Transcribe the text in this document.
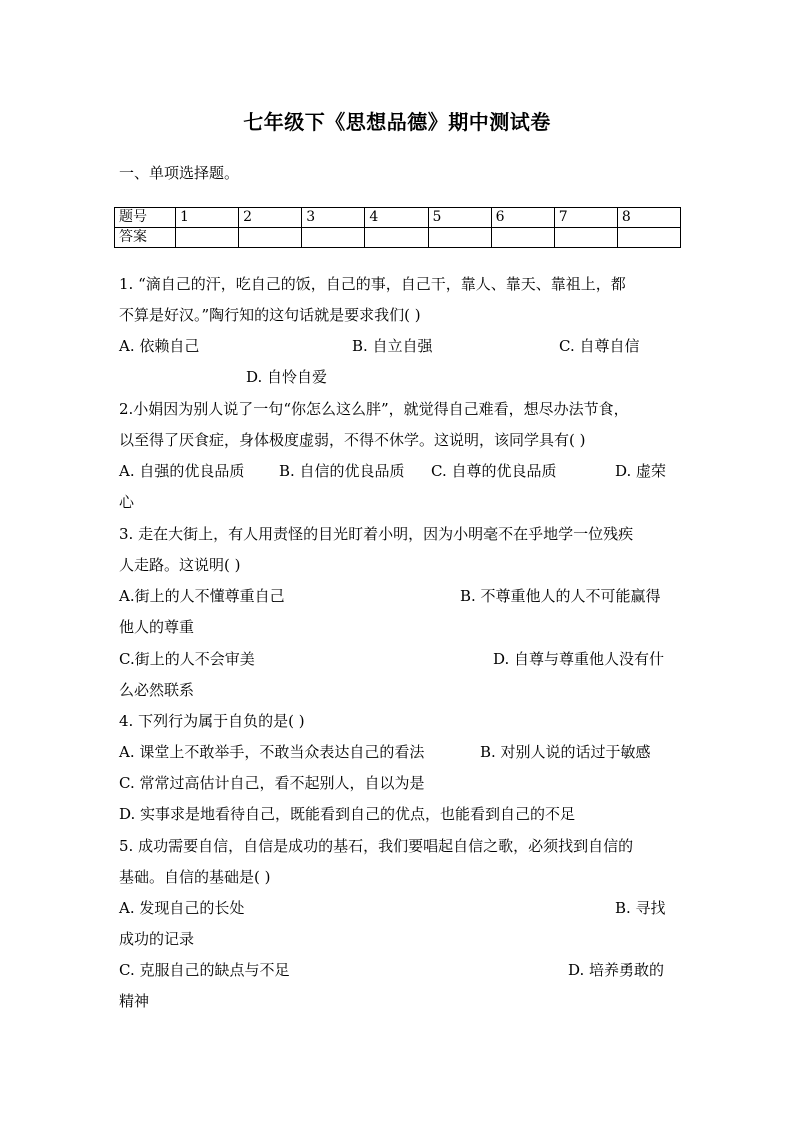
七年级下《思想品德》期中测试卷
一、单项选择题。
题号	1	2	3	4	5	6	7	8
答案								
1. “滴自己的汗，吃自己的饭，自己的事，自己干，靠人、靠天、靠祖上，都
不算是好汉。”陶行知的这句话就是要求我们( )
A. 依赖自己	B. 自立自强	C. 自尊自信
D. 自怜自爱
2.小娟因为别人说了一句“你怎么这么胖”，就觉得自己难看，想尽办法节食，
以至得了厌食症，身体极度虚弱，不得不休学。这说明，该同学具有( )
A. 自强的优良品质 B. 自信的优良品质 C. 自尊的优良品质	D. 虚荣
心
3. 走在大街上，有人用责怪的目光盯着小明，因为小明毫不在乎地学一位残疾
人走路。这说明( )
A.街上的人不懂尊重自己	B. 不尊重他人的人不可能赢得
他人的尊重
C.街上的人不会审美	D. 自尊与尊重他人没有什
么必然联系
4. 下列行为属于自负的是( )
A. 课堂上不敢举手，不敢当众表达自己的看法	B. 对别人说的话过于敏感
C. 常常过高估计自己，看不起别人，自以为是
D. 实事求是地看待自己，既能看到自己的优点，也能看到自己的不足
5. 成功需要自信，自信是成功的基石，我们要唱起自信之歌，必须找到自信的
基础。自信的基础是( )
A. 发现自己的长处	B. 寻找
成功的记录
C. 克服自己的缺点与不足	D. 培养勇敢的
精神
